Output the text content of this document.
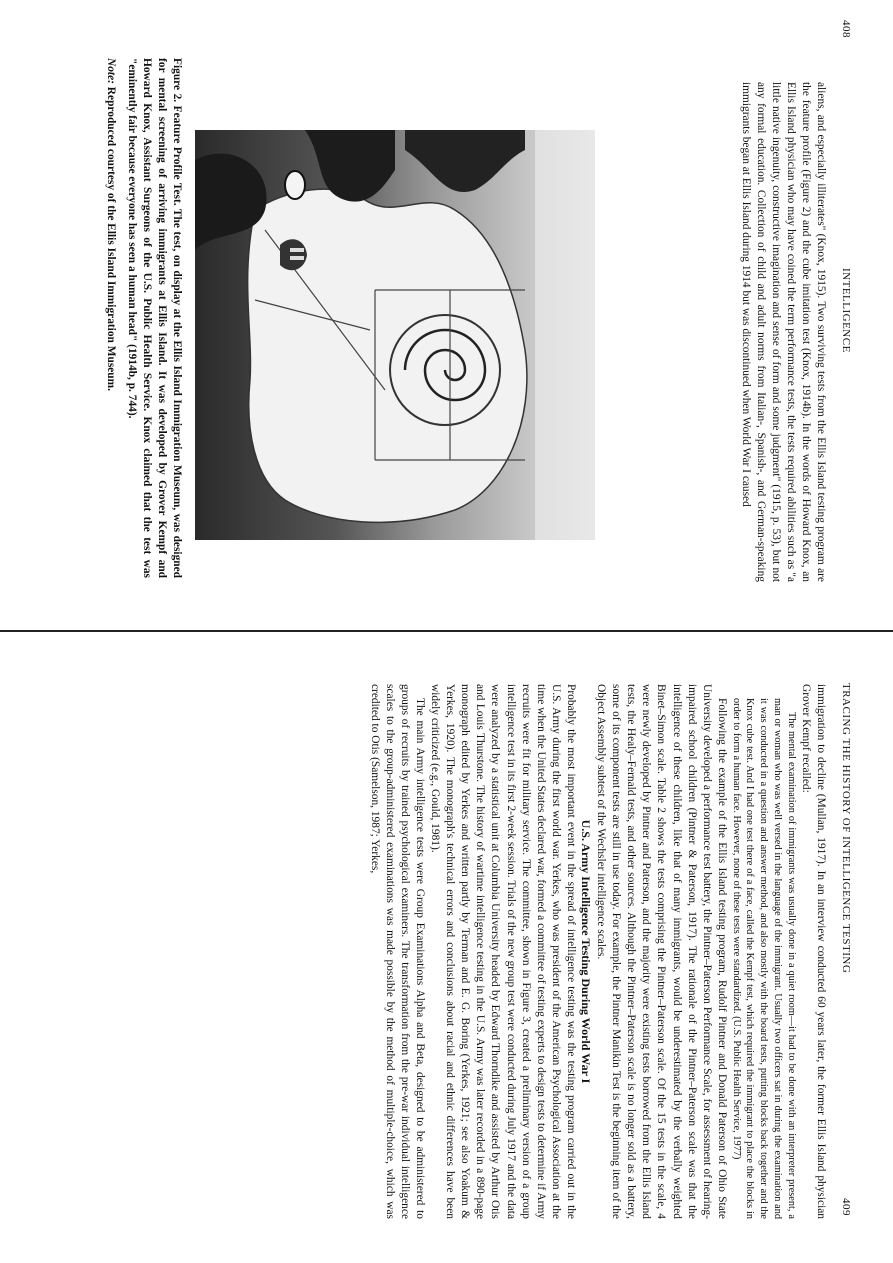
408
INTELLIGENCE

aliens, and especially illiterates" (Knox, 1915). Two surviving tests from the Ellis Island testing program are the feature profile (Figure 2) and the cube imitation test (Knox, 1914b). In the words of Howard Knox, an Ellis Island physician who may have coined the term performance tests, the tests required abilities such as "a little native ingenuity, constructive imagination and sense of form and some judgment" (1915, p. 53), but not any formal education. Collection of child and adult norms from Italian-, Spanish-, and German-speaking immigrants began at Ellis Island during 1914 but was discontinued when World War I caused

Figure 2. Feature Profile Test. The test, on display at the Ellis Island Immigration Museum, was designed for mental screening of arriving immigrants at Ellis Island. It was developed by Grover Kempf and Howard Knox, Assistant Surgeons of the U.S. Public Health Service. Knox claimed that the test was "eminently fair because everyone has seen a human head" (1914b, p. 744).

Note: Reproduced courtesy of the Ellis Island Immigration Museum.

TRACING THE HISTORY OF INTELLIGENCE TESTING
409

immigration to decline (Mullan, 1917). In an interview conducted 60 years later, the former Ellis Island physician Grover Kempf recalled:

The mental examination of immigrants was usually done in a quiet room—it had to be done with an interpreter present, a man or woman who was well versed in the language of the immigrant. Usually two officers sat in during the examination and it was conducted in a question and answer method, and also mostly with the board tests, putting blocks back together and the Knox cube test. And I had one test there of a face, called the Kempf test, which required the immigrant to place the blocks in order to form a human face. However, none of these tests were standardized. (U.S. Public Health Service, 1977)

Following the example of the Ellis Island testing program, Rudolf Pintner and Donald Paterson of Ohio State University developed a performance test battery, the Pintner–Paterson Performance Scale, for assessment of hearing-impaired school children (Pintner & Paterson, 1917). The rationale of the Pintner–Paterson scale was that the intelligence of these children, like that of many immigrants, would be underestimated by the verbally weighted Binet–Simon scale. Table 2 shows the tests comprising the Pintner–Paterson scale. Of the 15 tests in the scale, 4 were newly developed by Pintner and Paterson, and the majority were existing tests borrowed from the Ellis Island tests, the Healy–Fernald tests, and other sources. Although the Pintner–Paterson scale is no longer sold as a battery, some of its component tests are still in use today. For example, the Pintner Manikin Test is the beginning item of the Object Assembly subtest of the Wechsler intelligence scales.

U.S. Army Intelligence Testing During World War I

Probably the most important event in the spread of intelligence testing was the testing program carried out in the U.S. Army during the first world war. Yerkes, who was president of the American Psychological Association at the time when the United States declared war, formed a committee of testing experts to design tests to determine if Army recruits were fit for military service. The committee, shown in Figure 3, created a preliminary version of a group intelligence test in its first 2-week session. Trials of the new group test were conducted during July 1917 and the data were analyzed by a statistical unit at Columbia University headed by Edward Thorndike and assisted by Arthur Otis and Louis Thurstone. The history of wartime intelligence testing in the U.S. Army was later recorded in a 890-page monograph edited by Yerkes and written partly by Terman and E. G. Boring (Yerkes, 1921; see also Yoakum & Yerkes, 1920). The monograph's technical errors and conclusions about racial and ethnic differences have been widely criticized (e.g., Gould, 1981).

The main Army intelligence tests were Group Examinations Alpha and Beta, designed to be administered to groups of recruits by trained psychological examiners. The transformation from the pre-war individual intelligence scales to the group-administered examinations was made possible by the method of multiple-choice, which was credited to Otis (Samelson, 1987; Yerkes,
